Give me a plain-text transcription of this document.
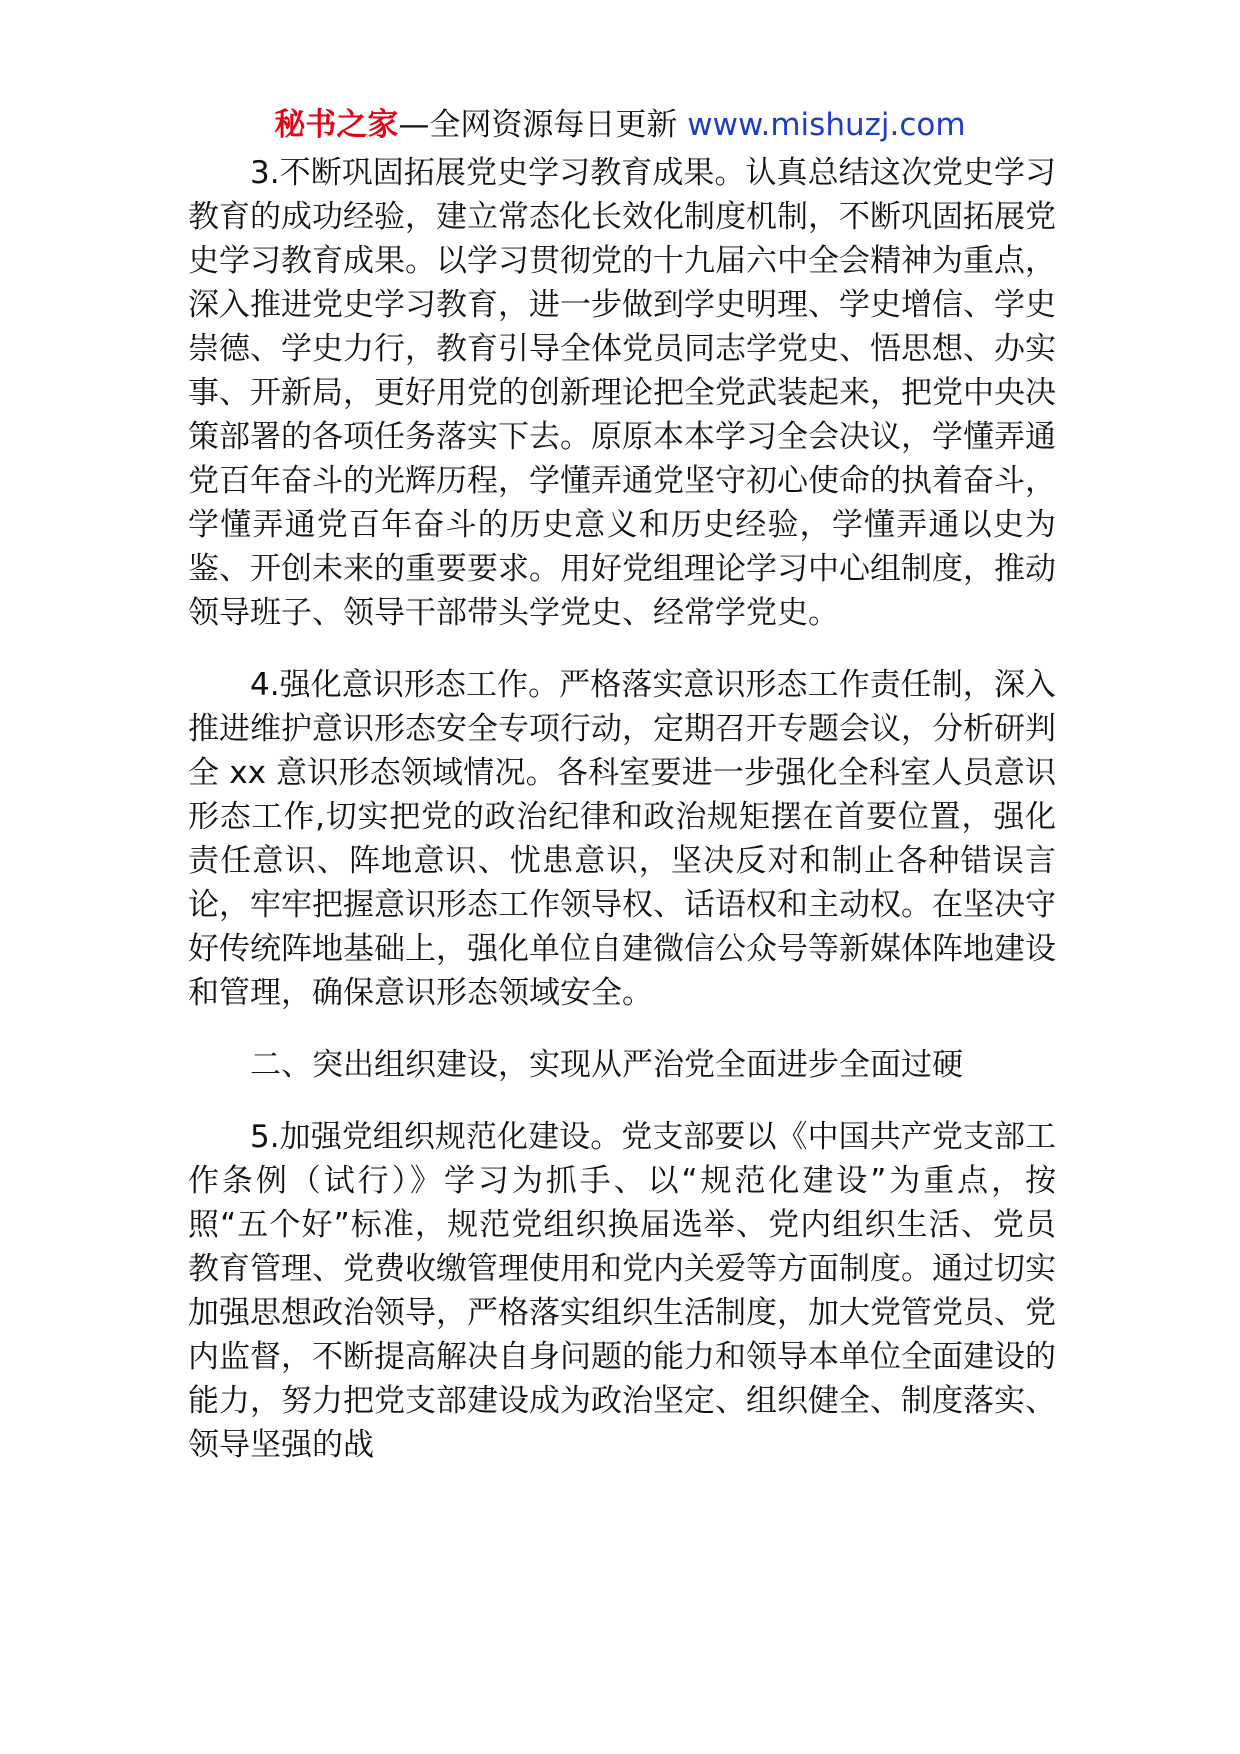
秘书之家—全网资源每日更新 www.mishuzj.com

3.不断巩固拓展党史学习教育成果。认真总结这次党史学习教育的成功经验，建立常态化长效化制度机制，不断巩固拓展党史学习教育成果。以学习贯彻党的十九届六中全会精神为重点，深入推进党史学习教育，进一步做到学史明理、学史增信、学史崇德、学史力行，教育引导全体党员同志学党史、悟思想、办实事、开新局，更好用党的创新理论把全党武装起来，把党中央决策部署的各项任务落实下去。原原本本学习全会决议，学懂弄通党百年奋斗的光辉历程，学懂弄通党坚守初心使命的执着奋斗，学懂弄通党百年奋斗的历史意义和历史经验，学懂弄通以史为鉴、开创未来的重要要求。用好党组理论学习中心组制度，推动领导班子、领导干部带头学党史、经常学党史。

4.强化意识形态工作。严格落实意识形态工作责任制，深入推进维护意识形态安全专项行动，定期召开专题会议，分析研判全 xx 意识形态领域情况。各科室要进一步强化全科室人员意识形态工作,切实把党的政治纪律和政治规矩摆在首要位置，强化责任意识、阵地意识、忧患意识，坚决反对和制止各种错误言论，牢牢把握意识形态工作领导权、话语权和主动权。在坚决守好传统阵地基础上，强化单位自建微信公众号等新媒体阵地建设和管理，确保意识形态领域安全。

二、突出组织建设，实现从严治党全面进步全面过硬

5.加强党组织规范化建设。党支部要以《中国共产党支部工作条例（试行）》学习为抓手、以“规范化建设”为重点，按照“五个好”标准，规范党组织换届选举、党内组织生活、党员教育管理、党费收缴管理使用和党内关爱等方面制度。通过切实加强思想政治领导，严格落实组织生活制度，加大党管党员、党内监督，不断提高解决自身问题的能力和领导本单位全面建设的能力，努力把党支部建设成为政治坚定、组织健全、制度落实、领导坚强的战
